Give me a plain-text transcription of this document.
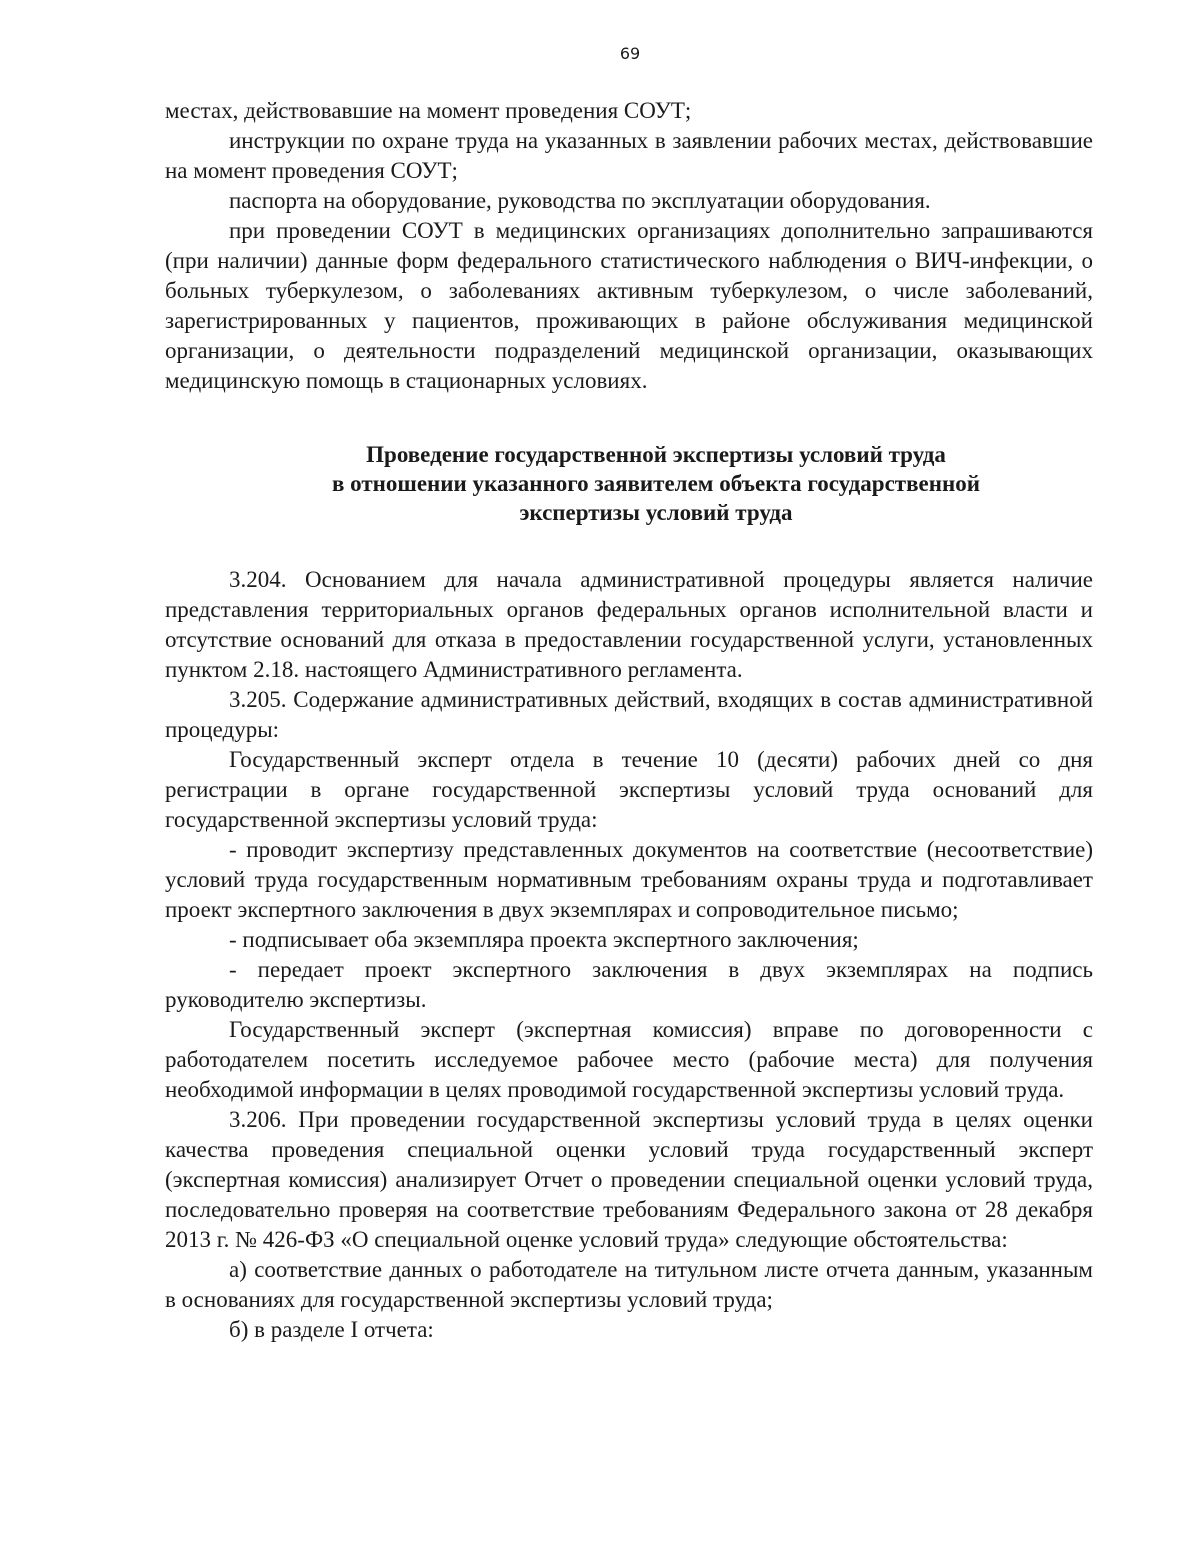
69

местах, действовавшие на момент проведения СОУТ;

инструкции по охране труда на указанных в заявлении рабочих местах, действовавшие на момент проведения СОУТ;

паспорта на оборудование, руководства по эксплуатации оборудования.

при проведении СОУТ в медицинских организациях дополнительно запрашиваются (при наличии) данные форм федерального статистического наблюдения о ВИЧ-инфекции, о больных туберкулезом, о заболеваниях активным туберкулезом, о числе заболеваний, зарегистрированных у пациентов, проживающих в районе обслуживания медицинской организации, о деятельности подразделений медицинской организации, оказывающих медицинскую помощь в стационарных условиях.

Проведение государственной экспертизы условий труда
в отношении указанного заявителем объекта государственной
экспертизы условий труда

3.204. Основанием для начала административной процедуры является наличие представления территориальных органов федеральных органов исполнительной власти и отсутствие оснований для отказа в предоставлении государственной услуги, установленных пунктом 2.18. настоящего Административного регламента.

3.205. Содержание административных действий, входящих в состав административной процедуры:

Государственный эксперт отдела в течение 10 (десяти) рабочих дней со дня регистрации в органе государственной экспертизы условий труда оснований для государственной экспертизы условий труда:

- проводит экспертизу представленных документов на соответствие (несоответствие) условий труда государственным нормативным требованиям охраны труда и подготавливает проект экспертного заключения в двух экземплярах и сопроводительное письмо;

- подписывает оба экземпляра проекта экспертного заключения;

- передает проект экспертного заключения в двух экземплярах на подпись руководителю экспертизы.

Государственный эксперт (экспертная комиссия) вправе по договоренности с работодателем посетить исследуемое рабочее место (рабочие места) для получения необходимой информации в целях проводимой государственной экспертизы условий труда.

3.206. При проведении государственной экспертизы условий труда в целях оценки качества проведения специальной оценки условий труда государственный эксперт (экспертная комиссия) анализирует Отчет о проведении специальной оценки условий труда, последовательно проверяя на соответствие требованиям Федерального закона от 28 декабря 2013 г. № 426-ФЗ «О специальной оценке условий труда» следующие обстоятельства:

а) соответствие данных о работодателе на титульном листе отчета данным, указанным в основаниях для государственной экспертизы условий труда;

б) в разделе I отчета:
